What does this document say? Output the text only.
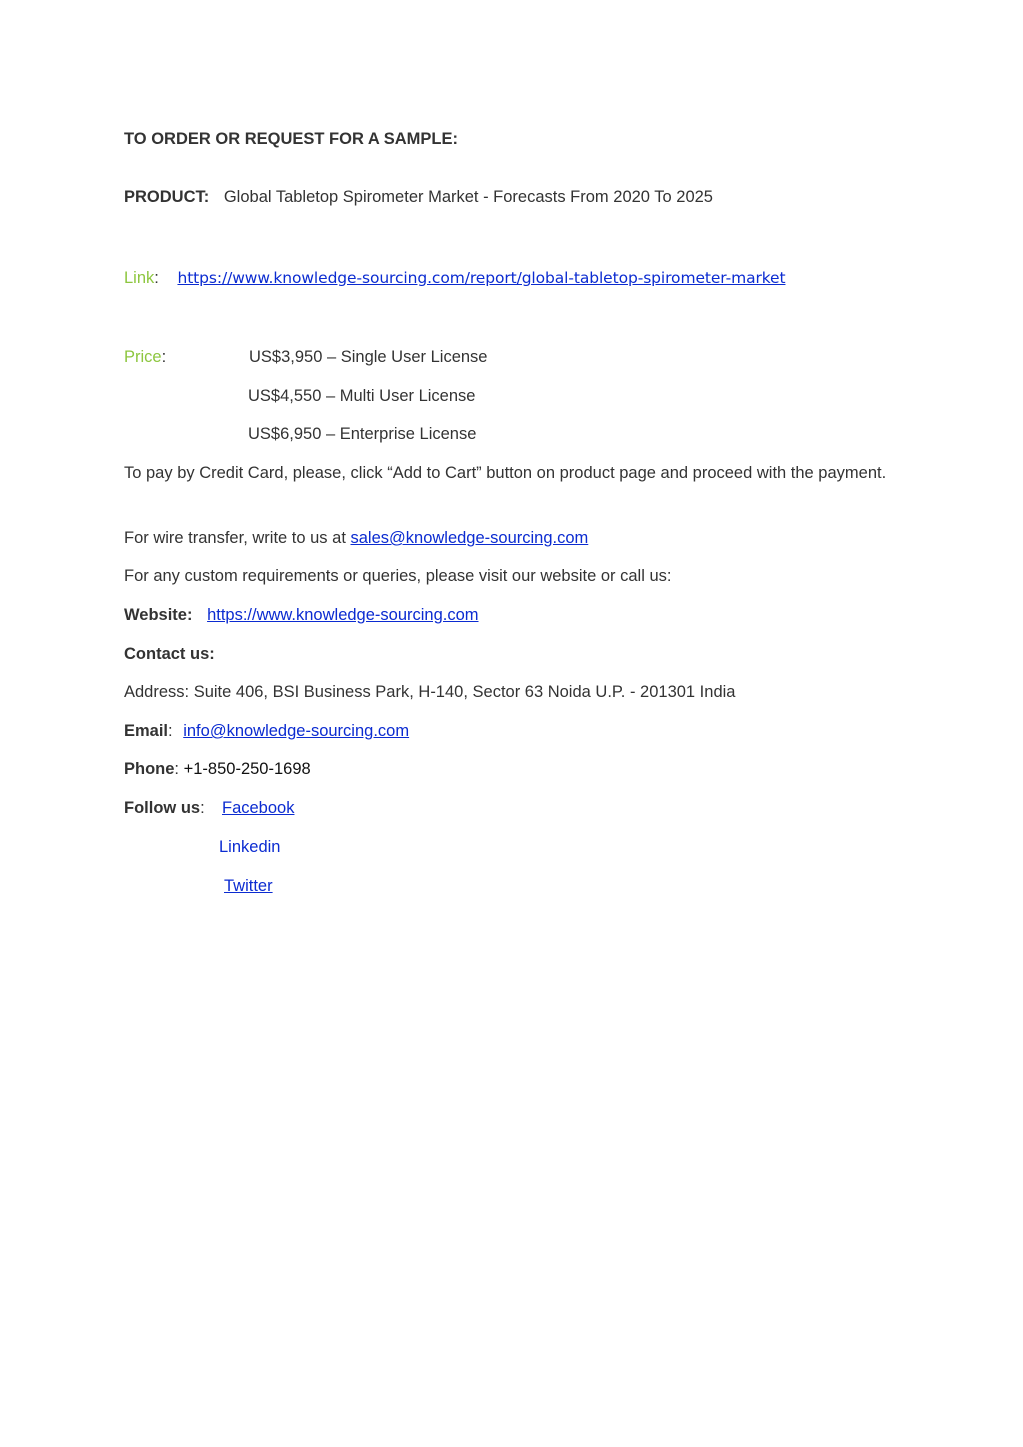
TO ORDER OR REQUEST FOR A SAMPLE:
PRODUCT: Global Tabletop Spirometer Market - Forecasts From 2020 To 2025
Link: https://www.knowledge-sourcing.com/report/global-tabletop-spirometer-market
Price:	US$3,950 – Single User License
US$4,550 – Multi User License
US$6,950 – Enterprise License
To pay by Credit Card, please, click “Add to Cart” button on product page and proceed with the payment.
For wire transfer, write to us at sales@knowledge-sourcing.com
For any custom requirements or queries, please visit our website or call us:
Website: https://www.knowledge-sourcing.com
Contact us:
Address: Suite 406, BSI Business Park, H-140, Sector 63 Noida U.P. - 201301 India
Email: info@knowledge-sourcing.com
Phone: +1-850-250-1698
Follow us: Facebook
Linkedin
Twitter
